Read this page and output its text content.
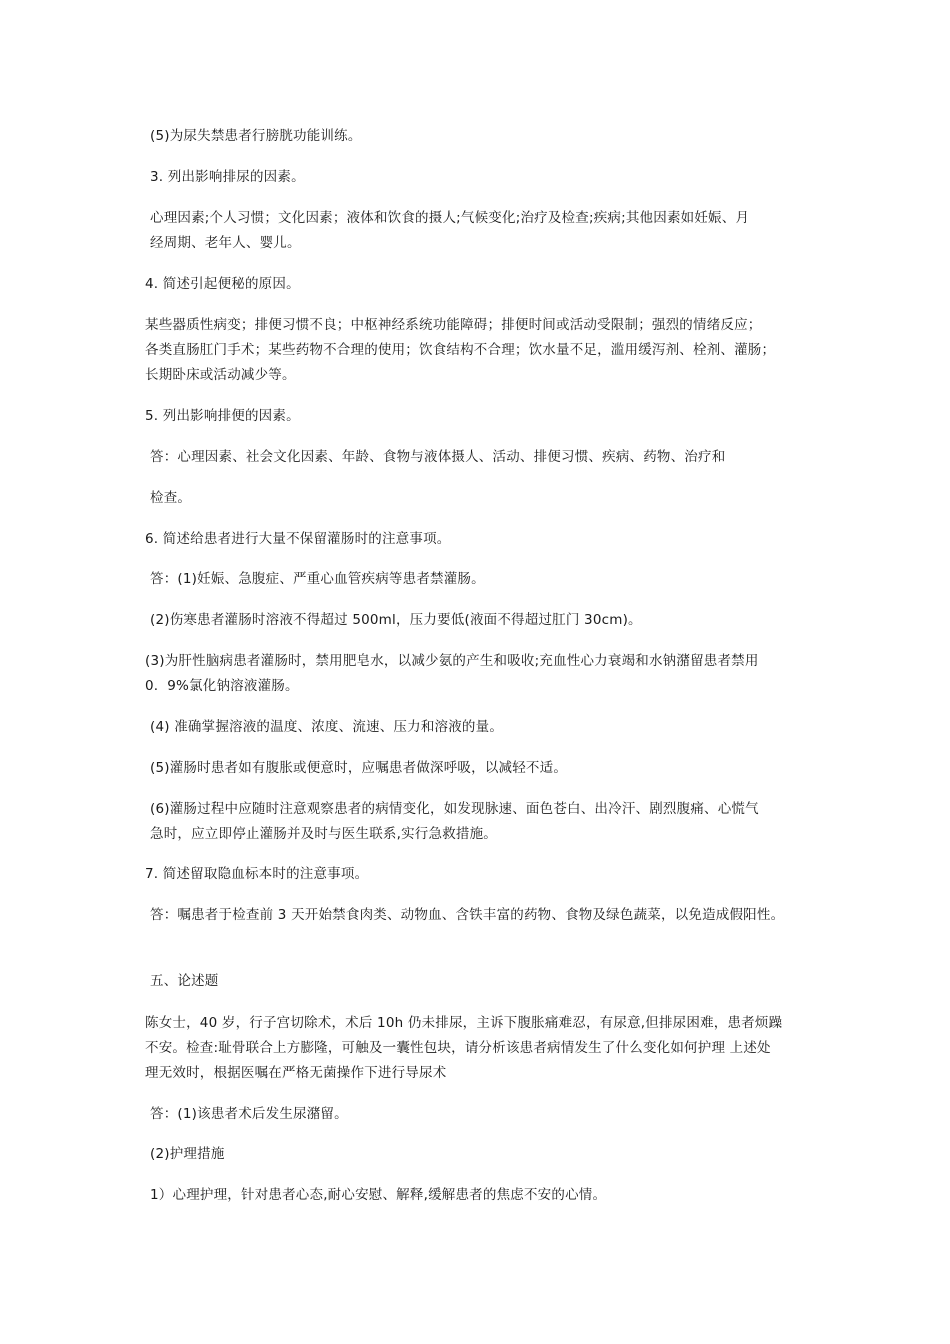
(5)为尿失禁患者行膀胱功能训练。
3. 列出影响排尿的因素。
心理因素;个人习惯；文化因素；液体和饮食的摄人;气候变化;治疗及检查;疾病;其他因素如妊娠、月
经周期、老年人、婴儿。
4. 简述引起便秘的原因。
某些器质性病变；排便习惯不良；中枢神经系统功能障碍；排便时间或活动受限制；强烈的情绪反应；
各类直肠肛门手术；某些药物不合理的使用；饮食结构不合理；饮水量不足，滥用缓泻剂、栓剂、灌肠；
长期卧床或活动减少等。
5. 列出影响排便的因素。
答：心理因素、社会文化因素、年龄、食物与液体摄人、活动、排便习惯、疾病、药物、治疗和
检查。
6. 简述给患者进行大量不保留灌肠时的注意事项。
答：(1)妊娠、急腹症、严重心血管疾病等患者禁灌肠。
(2)伤寒患者灌肠时溶液不得超过 500ml，压力要低(液面不得超过肛门 30cm)。
(3)为肝性脑病患者灌肠时，禁用肥皂水，以减少氨的产生和吸收;充血性心力衰竭和水钠潴留患者禁用
0.  9%氯化钠溶液灌肠。
(4) 准确掌握溶液的温度、浓度、流速、压力和溶液的量。
(5)灌肠时患者如有腹胀或便意时，应嘱患者做深呼吸，以减轻不适。
(6)灌肠过程中应随时注意观察患者的病情变化，如发现脉速、面色苍白、出冷汗、剧烈腹痛、心慌气
急时，应立即停止灌肠并及时与医生联系,实行急救措施。
7. 简述留取隐血标本时的注意事项。
答：嘱患者于检查前 3 天开始禁食肉类、动物血、含铁丰富的药物、食物及绿色蔬菜，以免造成假阳性。
五、论述题
陈女士，40 岁，行子宫切除术，术后 10h 仍未排尿，主诉下腹胀痛难忍，有尿意,但排尿困难，患者烦躁
不安。检查:耻骨联合上方膨隆，可触及一囊性包块，请分析该患者病情发生了什么变化如何护理 上述处
理无效时，根据医嘱在严格无菌操作下进行导尿术
答：(1)该患者术后发生尿潴留。
(2)护理措施
1）心理护理，针对患者心态,耐心安慰、解释,缓解患者的焦虑不安的心情。
